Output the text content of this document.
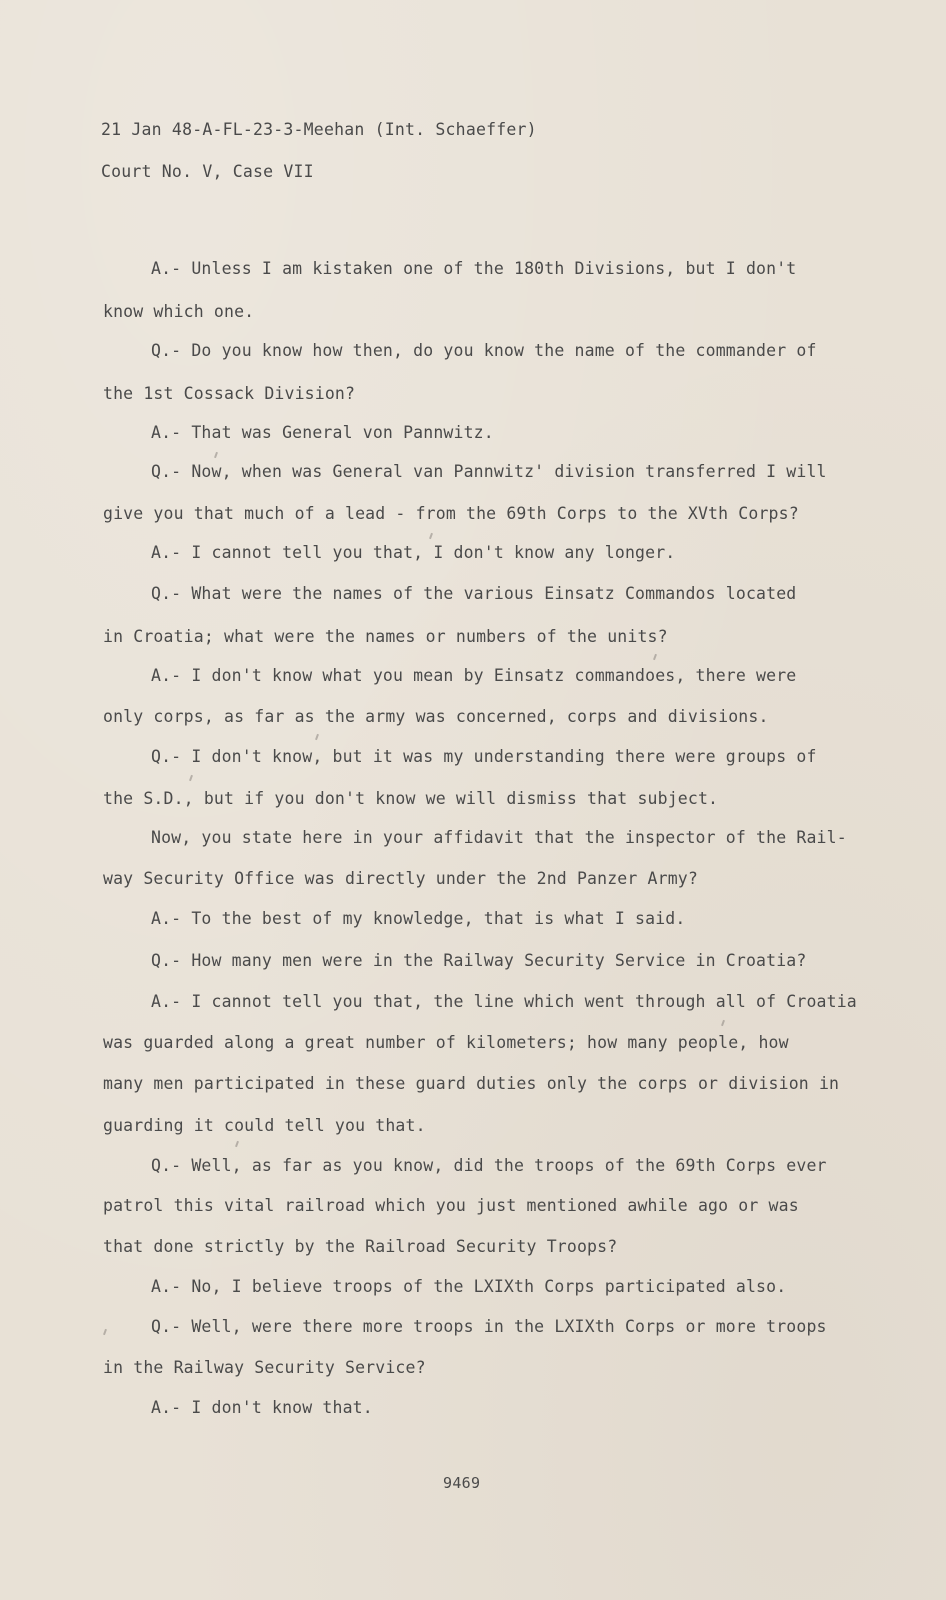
21 Jan 48-A-FL-23-3-Meehan (Int. Schaeffer)
Court No. V, Case VII
A.- Unless I am kistaken one of the 180th Divisions, but I don't
know which one.
Q.- Do you know how then, do you know the name of the commander of
the 1st Cossack Division?
A.- That was General von Pannwitz.
Q.- Now, when was General van Pannwitz' division transferred I will
give you that much of a lead - from the 69th Corps to the XVth Corps?
A.- I cannot tell you that, I don't know any longer.
Q.- What were the names of the various Einsatz Commandos located
in Croatia; what were the names or numbers of the units?
A.- I don't know what you mean by Einsatz commandoes, there were
only corps, as far as the army was concerned, corps and divisions.
Q.- I don't know, but it was my understanding there were groups of
the S.D., but if you don't know we will dismiss that subject.
Now, you state here in your affidavit that the inspector of the Rail-
way Security Office was directly under the 2nd Panzer Army?
A.- To the best of my knowledge, that is what I said.
Q.- How many men were in the Railway Security Service in Croatia?
A.- I cannot tell you that, the line which went through all of Croatia
was guarded along a great number of kilometers; how many people, how
many men participated in these guard duties only the corps or division in
guarding it could tell you that.
Q.- Well, as far as you know, did the troops of the 69th Corps ever
patrol this vital railroad which you just mentioned awhile ago or was
that done strictly by the Railroad Security Troops?
A.- No, I believe troops of the LXIXth Corps participated also.
Q.- Well, were there more troops in the LXIXth Corps or more troops
in the Railway Security Service?
A.- I don't know that.
9469
